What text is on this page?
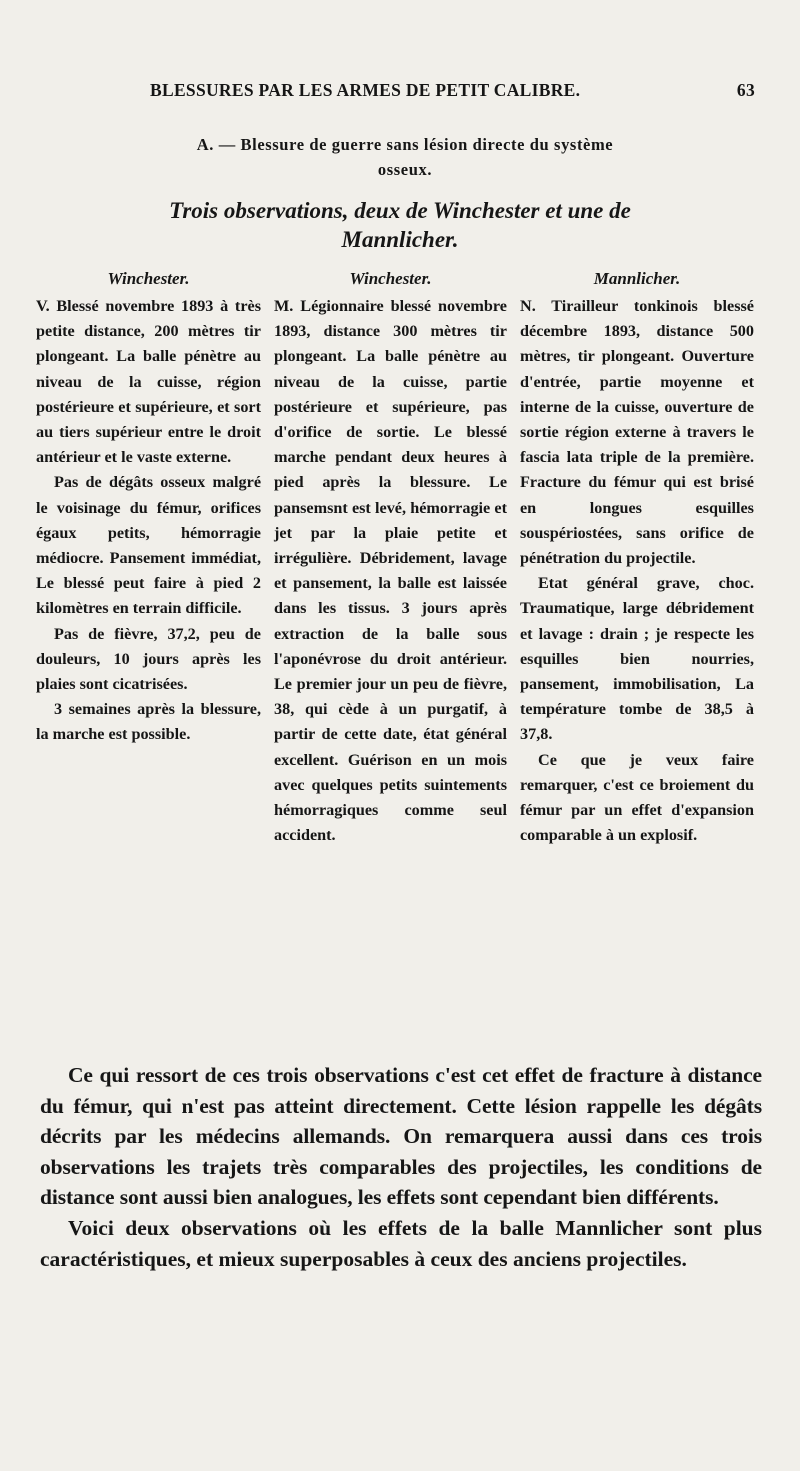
BLESSURES PAR LES ARMES DE PETIT CALIBRE.	63
A. — Blessure de guerre sans lésion directe du système
osseux.
Trois observations, deux de Winchester et une de
Mannlicher.
Winchester.

V. Blessé novembre 1893 à très petite distance, 200 mètres tir plongeant. La balle pénètre au niveau de la cuisse, région postérieure et supérieure, et sort au tiers supérieur entre le droit antérieur et le vaste externe.

Pas de dégâts osseux malgré le voisinage du fémur, orifices égaux petits, hémorragie médiocre. Pansement immédiat, Le blessé peut faire à pied 2 kilomètres en terrain difficile.

Pas de fièvre, 37,2, peu de douleurs, 10 jours après les plaies sont cicatrisées.

3 semaines après la blessure, la marche est possible.

Winchester.

M. Légionnaire blessé novembre 1893, distance 300 mètres tir plongeant. La balle pénètre au niveau de la cuisse, partie postérieure et supérieure, pas d'orifice de sortie. Le blessé marche pendant deux heures à pied après la blessure. Le pansemsnt est levé, hémorragie et jet par la plaie petite et irrégulière. Débridement, lavage et pansement, la balle est laissée dans les tissus. 3 jours après extraction de la balle sous l'aponévrose du droit antérieur. Le premier jour un peu de fièvre, 38, qui cède à un purgatif, à partir de cette date, état général excellent. Guérison en un mois avec quelques petits suintements hémorragiques comme seul accident.

Mannlicher.

N. Tirailleur tonkinois blessé décembre 1893, distance 500 mètres, tir plongeant. Ouverture d'entrée, partie moyenne et interne de la cuisse, ouverture de sortie région externe à travers le fascia lata triple de la première. Fracture du fémur qui est brisé en longues esquilles souspériostées, sans orifice de pénétration du projectile.

Etat général grave, choc. Traumatique, large débridement et lavage : drain ; je respecte les esquilles bien nourries, pansement, immobilisation, La température tombe de 38,5 à 37,8.

Ce que je veux faire remarquer, c'est ce broiement du fémur par un effet d'expansion comparable à un explosif.

Ce qui ressort de ces trois observations c'est cet effet de fracture à distance du fémur, qui n'est pas atteint directement. Cette lésion rappelle les dégâts décrits par les médecins allemands. On remarquera aussi dans ces trois observations les trajets très comparables des projectiles, les conditions de distance sont aussi bien analogues, les effets sont cependant bien différents.

Voici deux observations où les effets de la balle Mannlicher sont plus caractéristiques, et mieux superposables à ceux des anciens projectiles.
